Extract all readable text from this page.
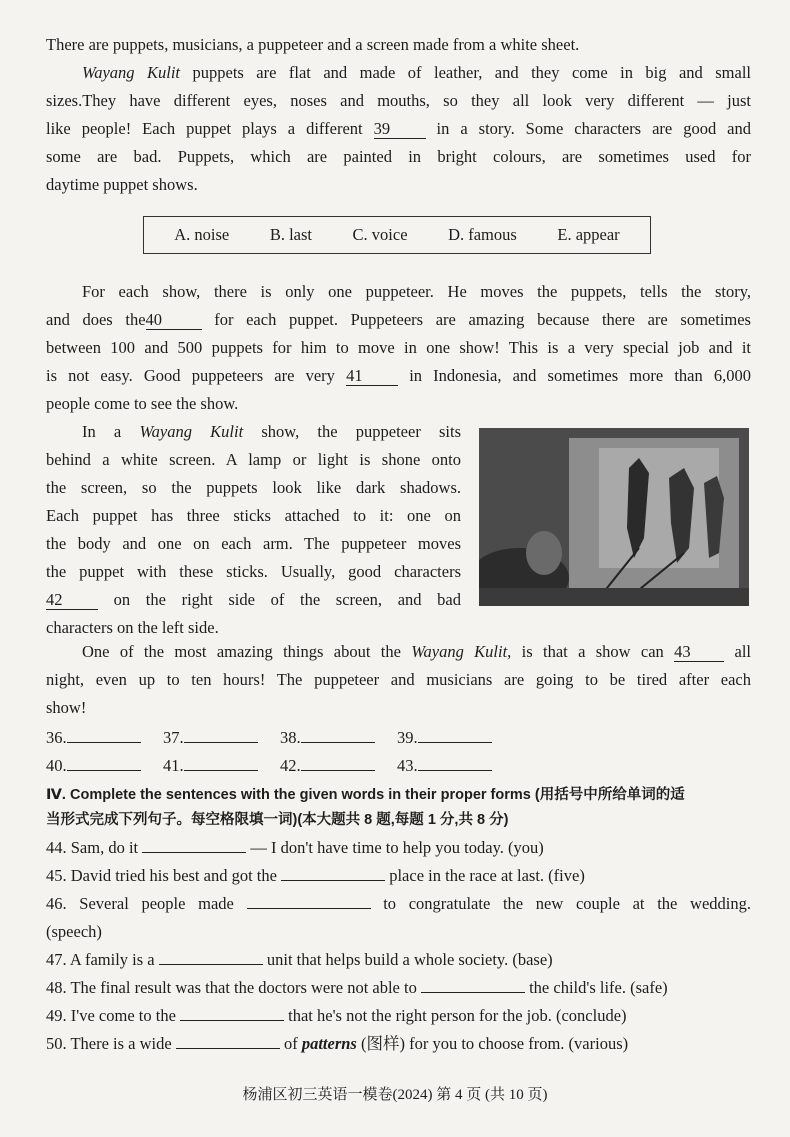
There are puppets, musicians, a puppeteer and a screen made from a white sheet.
Wayang Kulit puppets are flat and made of leather, and they come in big and small
sizes.They have different eyes, noses and mouths, so they all look very different — just
like people! Each puppet plays a different 39 in a story. Some characters are good and
some are bad. Puppets, which are painted in bright colours, are sometimes used for
daytime puppet shows.
A. noise B. last C. voice D. famous E. appear
For each show, there is only one puppeteer. He moves the puppets, tells the story,
and does the40 for each puppet. Puppeteers are amazing because there are sometimes
between 100 and 500 puppets for him to move in one show! This is a very special job and it
is not easy. Good puppeteers are very 41 in Indonesia, and sometimes more than 6,000
people come to see the show.
In a Wayang Kulit show, the puppeteer sits
behind a white screen. A lamp or light is shone onto
the screen, so the puppets look like dark shadows.
Each puppet has three sticks attached to it: one on
the body and one on each arm. The puppeteer moves
the puppet with these sticks. Usually, good characters
42 on the right side of the screen, and bad
characters on the left side.
One of the most amazing things about the Wayang Kulit, is that a show can 43 all
night, even up to ten hours! The puppeteer and musicians are going to be tired after each
show!
36.	37.	38.	39.
40.	41.	42.	43.
Ⅳ. Complete the sentences with the given words in their proper forms (用括号中所给单词的适
当形式完成下列句子。每空格限填一词)(本大题共 8 题,每题 1 分,共 8 分)
44. Sam, do it	— I don't have time to help you today. (you)
45. David tried his best and got the	place in the race at last. (five)
46. Several people made	to congratulate the new couple at the wedding.
(speech)
47. A family is a	unit that helps build a whole society. (base)
48. The final result was that the doctors were not able to	the child's life. (safe)
49. I've come to the	that he's not the right person for the job. (conclude)
50. There is a wide	of patterns (图样) for you to choose from. (various)
杨浦区初三英语一模卷(2024) 第 4 页 (共 10 页)
